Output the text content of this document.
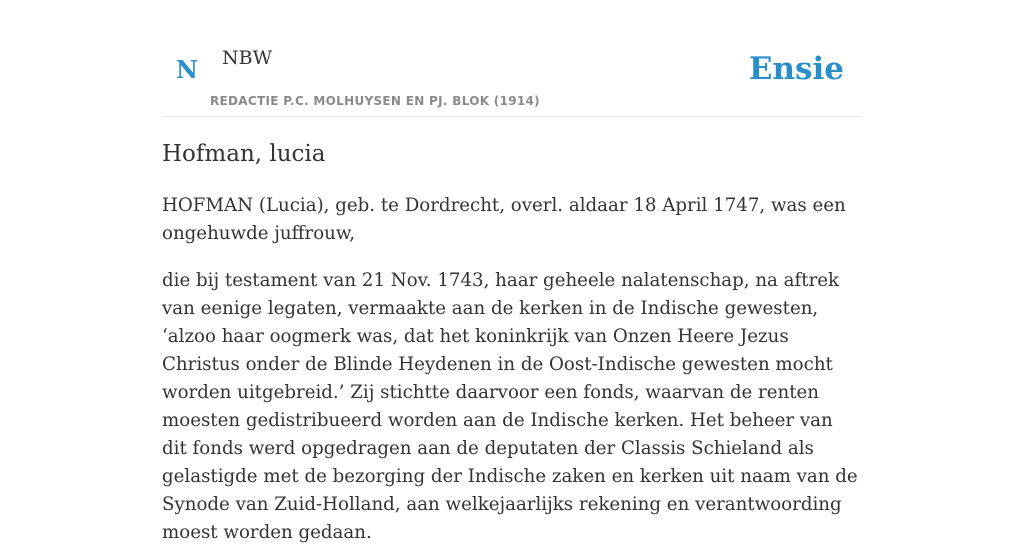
N NBW
REDACTIE P.C. MOLHUYSEN EN PJ. BLOK (1914)
Ensie
Hofman, lucia

HOFMAN (Lucia), geb. te Dordrecht, overl. aldaar 18 April 1747, was een ongehuwde juffrouw,

die bij testament van 21 Nov. 1743, haar geheele nalatenschap, na aftrek van eenige legaten, vermaakte aan de kerken in de Indische gewesten, ‘alzoo haar oogmerk was, dat het koninkrijk van Onzen Heere Jezus Christus onder de Blinde Heydenen in de Oost-Indische gewesten mocht worden uitgebreid.’ Zij stichtte daarvoor een fonds, waarvan de renten moesten gedistribueerd worden aan de Indische kerken. Het beheer van dit fonds werd opgedragen aan de deputaten der Classis Schieland als gelastigde met de bezorging der Indische zaken en kerken uit naam van de Synode van Zuid-Holland, aan welkejaarlijks rekening en verantwoording moest worden gedaan.
